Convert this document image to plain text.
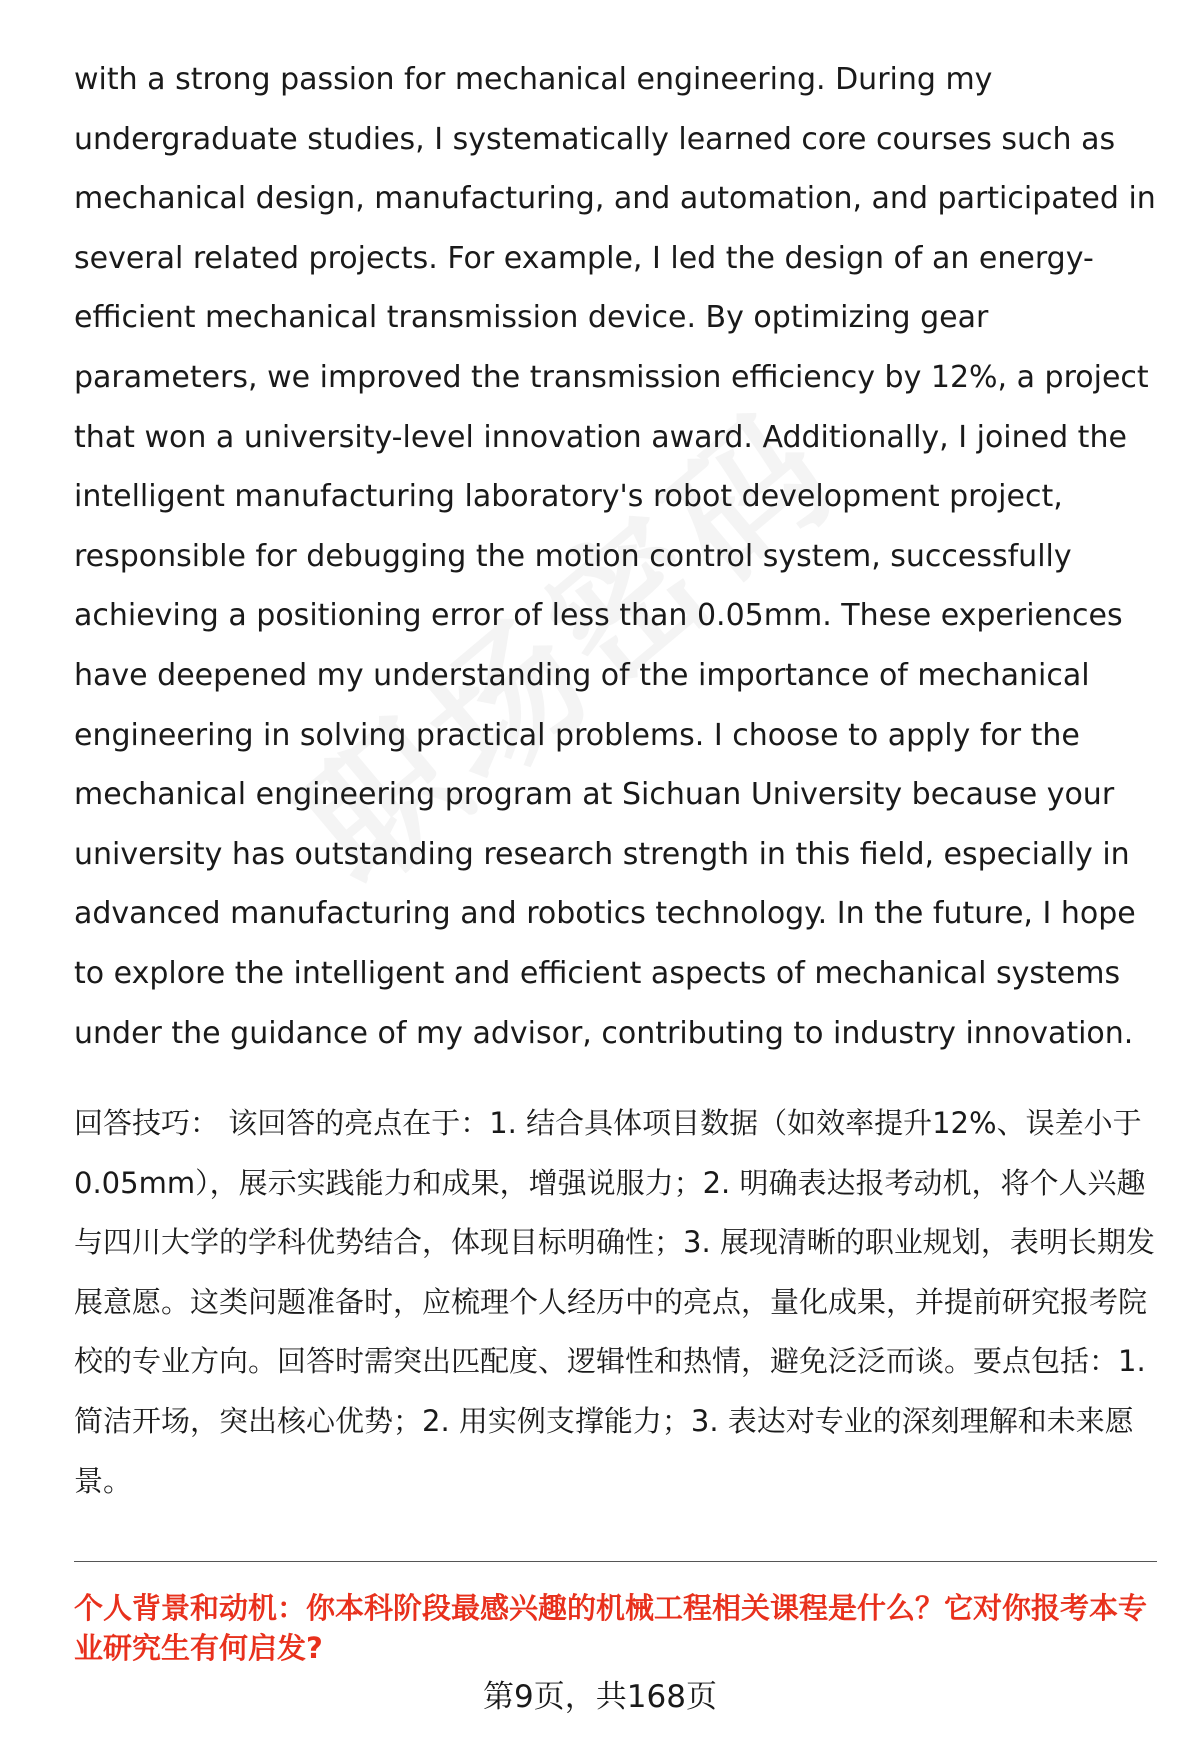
with a strong passion for mechanical engineering. During my undergraduate studies, I systematically learned core courses such as mechanical design, manufacturing, and automation, and participated in several related projects. For example, I led the design of an energy-efficient mechanical transmission device. By optimizing gear parameters, we improved the transmission efficiency by 12%, a project that won a university-level innovation award. Additionally, I joined the intelligent manufacturing laboratory's robot development project, responsible for debugging the motion control system, successfully achieving a positioning error of less than 0.05mm. These experiences have deepened my understanding of the importance of mechanical engineering in solving practical problems. I choose to apply for the mechanical engineering program at Sichuan University because your university has outstanding research strength in this field, especially in advanced manufacturing and robotics technology. In the future, I hope to explore the intelligent and efficient aspects of mechanical systems under the guidance of my advisor, contributing to industry innovation.

回答技巧： 该回答的亮点在于：1. 结合具体项目数据（如效率提升12%、误差小于0.05mm），展示实践能力和成果，增强说服力；2. 明确表达报考动机，将个人兴趣与四川大学的学科优势结合，体现目标明确性；3. 展现清晰的职业规划，表明长期发展意愿。这类问题准备时，应梳理个人经历中的亮点，量化成果，并提前研究报考院校的专业方向。回答时需突出匹配度、逻辑性和热情，避免泛泛而谈。要点包括：1. 简洁开场，突出核心优势；2. 用实例支撑能力；3. 表达对专业的深刻理解和未来愿景。

个人背景和动机：你本科阶段最感兴趣的机械工程相关课程是什么？它对你报考本专业研究生有何启发?

第9页，共168页
